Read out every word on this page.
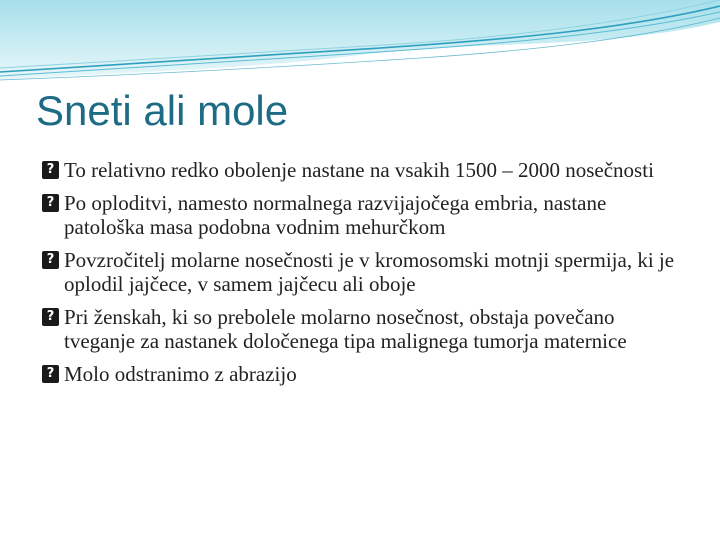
Sneti ali mole
? To relativno redko obolenje nastane na vsakih 1500 – 2000 nosečnosti
? Po oploditvi, namesto normalnega razvijajočega embria, nastane patološka masa podobna vodnim mehurčkom
? Povzročitelj molarne nosečnosti je v kromosomski motnji spermija, ki je oplodil jajčece, v samem jajčecu ali oboje
? Pri ženskah, ki so prebolele molarno nosečnost, obstaja povečano tveganje za nastanek določenega tipa malignega tumorja maternice
? Molo odstranimo z abrazijo
